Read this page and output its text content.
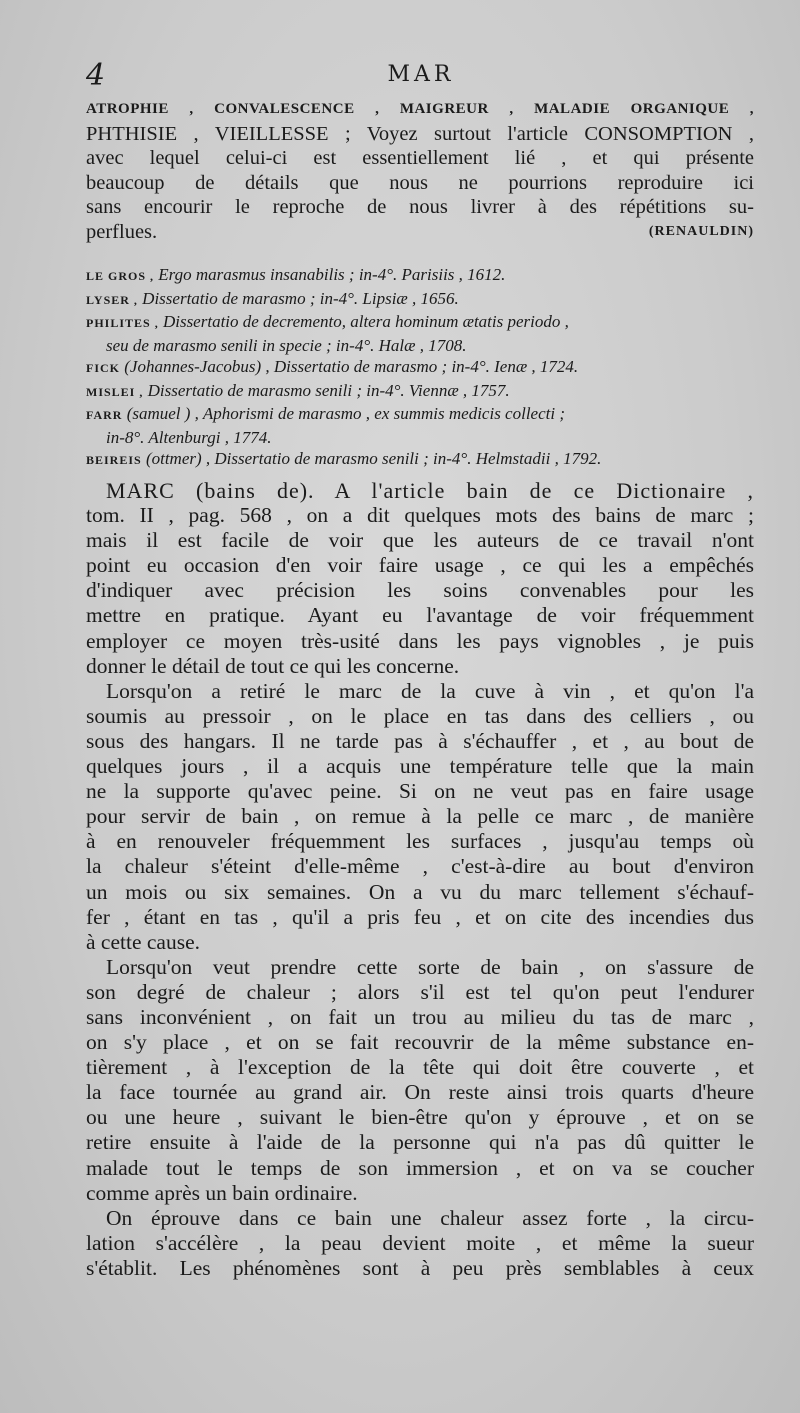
4	MAR
ATROPHIE , CONVALESCENCE , MAIGREUR , MALADIE ORGANIQUE ,
PHTHISIE , VIEILLESSE ; Voyez surtout l'article CONSOMPTION ,
avec lequel celui-ci est essentiellement lié , et qui présente
beaucoup de détails que nous ne pourrions reproduire ici
sans encourir le reproche de nous livrer à des répétitions su-
perflues.	(RENAULDIN)
LE GROS , Ergo marasmus insanabilis ; in-4°. Parisiis , 1612.
LYSER , Dissertatio de marasmo ; in-4°. Lipsiæ , 1656.
PHILITES , Dissertatio de decremento, altera hominum ætatis periodo ,
seu de marasmo senili in specie ; in-4°. Halæ , 1708.
FICK (Johannes-Jacobus) , Dissertatio de marasmo ; in-4°. Ienæ , 1724.
MISLEI , Dissertatio de marasmo senili ; in-4°. Viennæ , 1757.
FARR (samuel ) , Aphorismi de marasmo , ex summis medicis collecti ;
in-8°. Altenburgi , 1774.
BEIREIS (ottmer) , Dissertatio de marasmo senili ; in-4°. Helmstadii , 1792.
MARC (bains de). A l'article bain de ce Dictionaire ,
tom. II , pag. 568 , on a dit quelques mots des bains de marc ;
mais il est facile de voir que les auteurs de ce travail n'ont
point eu occasion d'en voir faire usage , ce qui les a empêchés
d'indiquer avec précision les soins convenables pour les
mettre en pratique. Ayant eu l'avantage de voir fréquemment
employer ce moyen très-usité dans les pays vignobles , je puis
donner le détail de tout ce qui les concerne.
Lorsqu'on a retiré le marc de la cuve à vin , et qu'on l'a
soumis au pressoir , on le place en tas dans des celliers , ou
sous des hangars. Il ne tarde pas à s'échauffer , et , au bout de
quelques jours , il a acquis une température telle que la main
ne la supporte qu'avec peine. Si on ne veut pas en faire usage
pour servir de bain , on remue à la pelle ce marc , de manière
à en renouveler fréquemment les surfaces , jusqu'au temps où
la chaleur s'éteint d'elle-même , c'est-à-dire au bout d'environ
un mois ou six semaines. On a vu du marc tellement s'échauf-
fer , étant en tas , qu'il a pris feu , et on cite des incendies dus
à cette cause.
Lorsqu'on veut prendre cette sorte de bain , on s'assure de
son degré de chaleur ; alors s'il est tel qu'on peut l'endurer
sans inconvénient , on fait un trou au milieu du tas de marc ,
on s'y place , et on se fait recouvrir de la même substance en-
tièrement , à l'exception de la tête qui doit être couverte , et
la face tournée au grand air. On reste ainsi trois quarts d'heure
ou une heure , suivant le bien-être qu'on y éprouve , et on se
retire ensuite à l'aide de la personne qui n'a pas dû quitter le
malade tout le temps de son immersion , et on va se coucher
comme après un bain ordinaire.
On éprouve dans ce bain une chaleur assez forte , la circu-
lation s'accélère , la peau devient moite , et même la sueur
s'établit. Les phénomènes sont à peu près semblables à ceux
